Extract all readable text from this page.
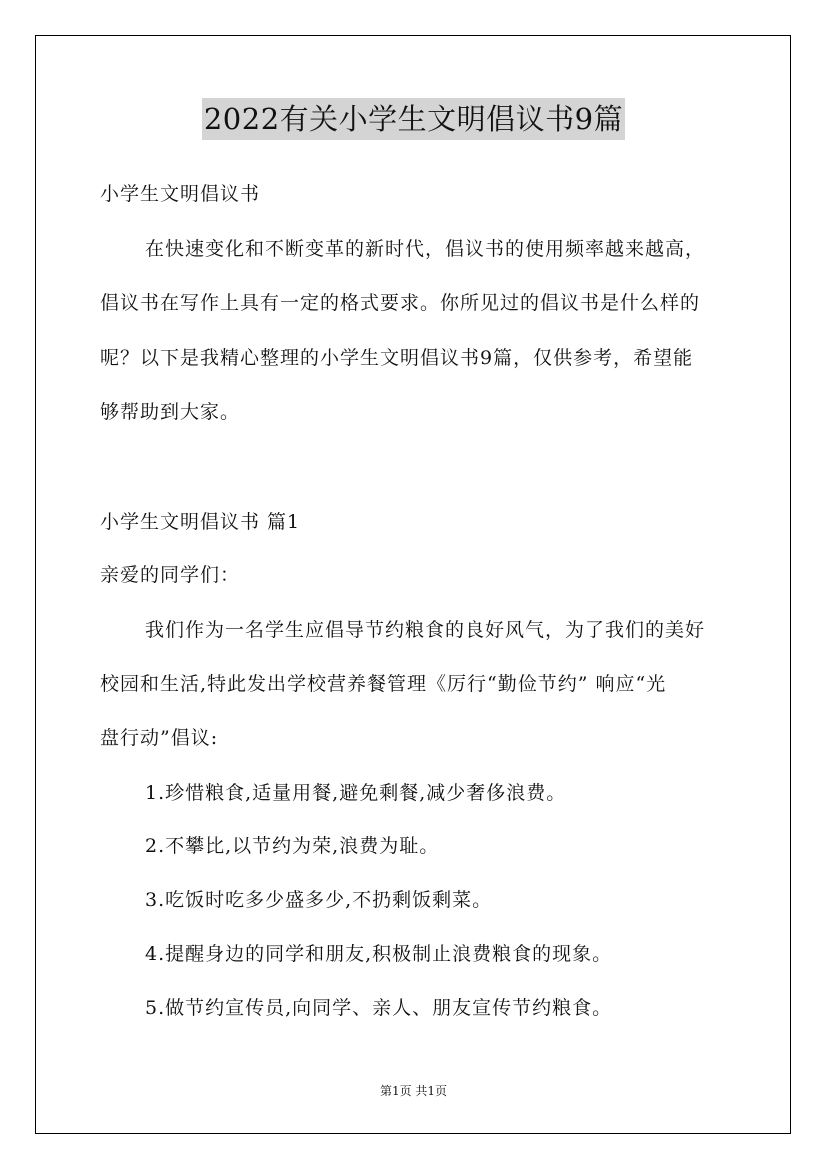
2022有关小学生文明倡议书9篇
小学生文明倡议书
在快速变化和不断变革的新时代，倡议书的使用频率越来越高，
倡议书在写作上具有一定的格式要求。你所见过的倡议书是什么样的
呢？以下是我精心整理的小学生文明倡议书9篇，仅供参考，希望能
够帮助到大家。
小学生文明倡议书 篇1
亲爱的同学们：
我们作为一名学生应倡导节约粮食的良好风气，为了我们的美好
校园和生活,特此发出学校营养餐管理《厉行“勤俭节约” 响应“光
盘行动”倡议:
1.珍惜粮食,适量用餐,避免剩餐,减少奢侈浪费。
2.不攀比,以节约为荣,浪费为耻。
3.吃饭时吃多少盛多少,不扔剩饭剩菜。
4.提醒身边的同学和朋友,积极制止浪费粮食的现象。
5.做节约宣传员,向同学、亲人、朋友宣传节约粮食。
第1页 共1页
